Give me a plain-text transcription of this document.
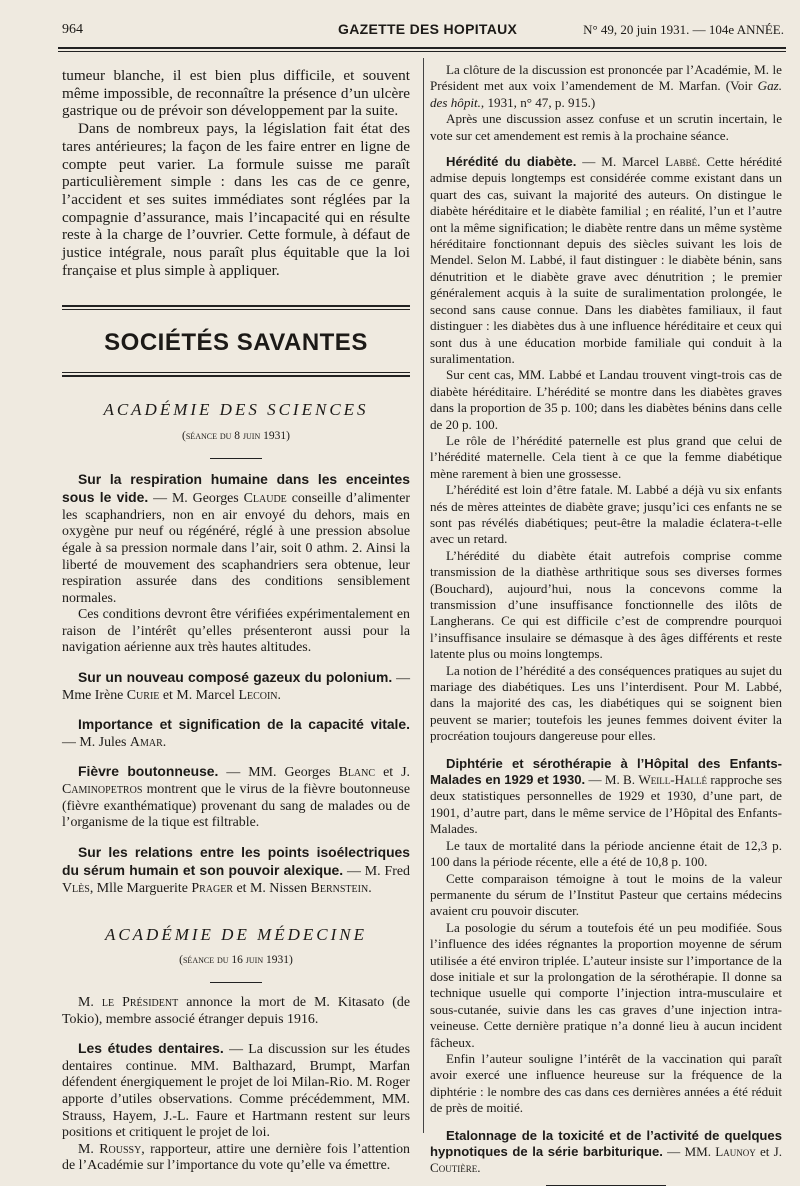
964	GAZETTE DES HOPITAUX	N° 49, 20 juin 1931. — 104e ANNÉE.

tumeur blanche, il est bien plus difficile, et souvent même impossible, de reconnaître la présence d’un ulcère gastrique ou de prévoir son développement par la suite.

Dans de nombreux pays, la législation fait état des tares antérieures; la façon de les faire entrer en ligne de compte peut varier. La formule suisse me paraît particulièrement simple : dans les cas de ce genre, l’accident et ses suites immédiates sont réglées par la compagnie d’assurance, mais l’incapacité qui en résulte reste à la charge de l’ouvrier. Cette formule, à défaut de justice intégrale, nous paraît plus équitable que la loi française et plus simple à appliquer.

SOCIÉTÉS SAVANTES

ACADÉMIE DES SCIENCES

(séance du 8 juin 1931)

Sur la respiration humaine dans les enceintes sous le vide. — M. Georges Claude conseille d’alimenter les scaphandriers, non en air envoyé du dehors, mais en oxygène pur neuf ou régénéré, réglé à une pression absolue égale à sa pression normale dans l’air, soit 0 athm. 2. Ainsi la liberté de mouvement des scaphandriers sera obtenue, leur respiration assurée dans des conditions sensiblement normales.

Ces conditions devront être vérifiées expérimentalement en raison de l’intérêt qu’elles présenteront aussi pour la navigation aérienne aux très hautes altitudes.

Sur un nouveau composé gazeux du polonium. — Mme Irène Curie et M. Marcel Lecoin.

Importance et signification de la capacité vitale. — M. Jules Amar.

Fièvre boutonneuse. — MM. Georges Blanc et J. Caminopetros montrent que le virus de la fièvre boutonneuse (fièvre exanthématique) provenant du sang de malades ou de l’organisme de la tique est filtrable.

Sur les relations entre les points isoélectriques du sérum humain et son pouvoir alexique. — M. Fred Vlès, Mlle Marguerite Prager et M. Nissen Bernstein.

ACADÉMIE DE MÉDECINE

(séance du 16 juin 1931)

M. le Président annonce la mort de M. Kitasato (de Tokio), membre associé étranger depuis 1916.

Les études dentaires. — La discussion sur les études dentaires continue. MM. Balthazard, Brumpt, Marfan défendent énergiquement le projet de loi Milan-Rio. M. Roger apporte d’utiles observations. Comme précédemment, MM. Strauss, Hayem, J.-L. Faure et Hartmann restent sur leurs positions et critiquent le projet de loi.

M. Roussy, rapporteur, attire une dernière fois l’attention de l’Académie sur l’importance du vote qu’elle va émettre.

La clôture de la discussion est prononcée par l’Académie, M. le Président met aux voix l’amendement de M. Marfan. (Voir Gaz. des hôpit., 1931, n° 47, p. 915.)

Après une discussion assez confuse et un scrutin incertain, le vote sur cet amendement est remis à la prochaine séance.

Hérédité du diabète. — M. Marcel Labbé. Cette hérédité admise depuis longtemps est considérée comme existant dans un quart des cas, suivant la majorité des auteurs. On distingue le diabète héréditaire et le diabète familial ; en réalité, l’un et l’autre ont la même signification; le diabète rentre dans un même système héréditaire fonctionnant depuis des siècles suivant les lois de Mendel. Selon M. Labbé, il faut distinguer : le diabète bénin, sans dénutrition et le diabète grave avec dénutrition ; le premier généralement acquis à la suite de suralimentation prolongée, le second sans cause connue. Dans les diabètes familiaux, il faut distinguer : les diabètes dus à une influence héréditaire et ceux qui sont dus à une éducation morbide familiale qui conduit à la suralimentation.

Sur cent cas, MM. Labbé et Landau trouvent vingt-trois cas de diabète héréditaire. L’hérédité se montre dans les diabètes graves dans la proportion de 35 p. 100; dans les diabètes bénins dans celle de 20 p. 100.

Le rôle de l’hérédité paternelle est plus grand que celui de l’hérédité maternelle. Cela tient à ce que la femme diabétique mène rarement à bien une grossesse.

L’hérédité est loin d’être fatale. M. Labbé a déjà vu six enfants nés de mères atteintes de diabète grave; jusqu’ici ces enfants ne se sont pas révélés diabétiques; peut-être la maladie éclatera-t-elle avec un retard.

L’hérédité du diabète était autrefois comprise comme transmission de la diathèse arthritique sous ses diverses formes (Bouchard), aujourd’hui, nous la concevons comme la transmission d’une insuffisance fonctionnelle des ilôts de Langherans. Ce qui est difficile c’est de comprendre pourquoi l’insuffisance insulaire se démasque à des âges différents et reste latente plus ou moins longtemps.

La notion de l’hérédité a des conséquences pratiques au sujet du mariage des diabétiques. Les uns l’interdisent. Pour M. Labbé, dans la majorité des cas, les diabétiques qui se soignent bien peuvent se marier; toutefois les jeunes femmes doivent éviter la procréation toujours dangereuse pour elles.

Diphtérie et sérothérapie à l’Hôpital des Enfants-Malades en 1929 et 1930. — M. B. Weill-Hallé rapproche ses deux statistiques personnelles de 1929 et 1930, d’une part, de 1901, d’autre part, dans le même service de l’Hôpital des Enfants-Malades.

Le taux de mortalité dans la période ancienne était de 12,3 p. 100 dans la période récente, elle a été de 10,8 p. 100.

Cette comparaison témoigne à tout le moins de la valeur permanente du sérum de l’Institut Pasteur que certains médecins avaient cru pouvoir discuter.

La posologie du sérum a toutefois été un peu modifiée. Sous l’influence des idées régnantes la proportion moyenne de sérum utilisée a été environ triplée. L’auteur insiste sur l’importance de la dose initiale et sur la prolongation de la sérothérapie. Il donne sa technique usuelle qui comporte l’injection intra-musculaire et sous-cutanée, suivie dans les cas graves d’une injection intra-veineuse. Cette dernière pratique n’a donné lieu à aucun incident fâcheux.

Enfin l’auteur souligne l’intérêt de la vaccination qui paraît avoir exercé une influence heureuse sur la fréquence de la diphtérie : le nombre des cas dans ces dernières années a été réduit de près de moitié.

Etalonnage de la toxicité et de l’activité de quelques hypnotiques de la série barbiturique. — MM. Launoy et J. Coutière.
